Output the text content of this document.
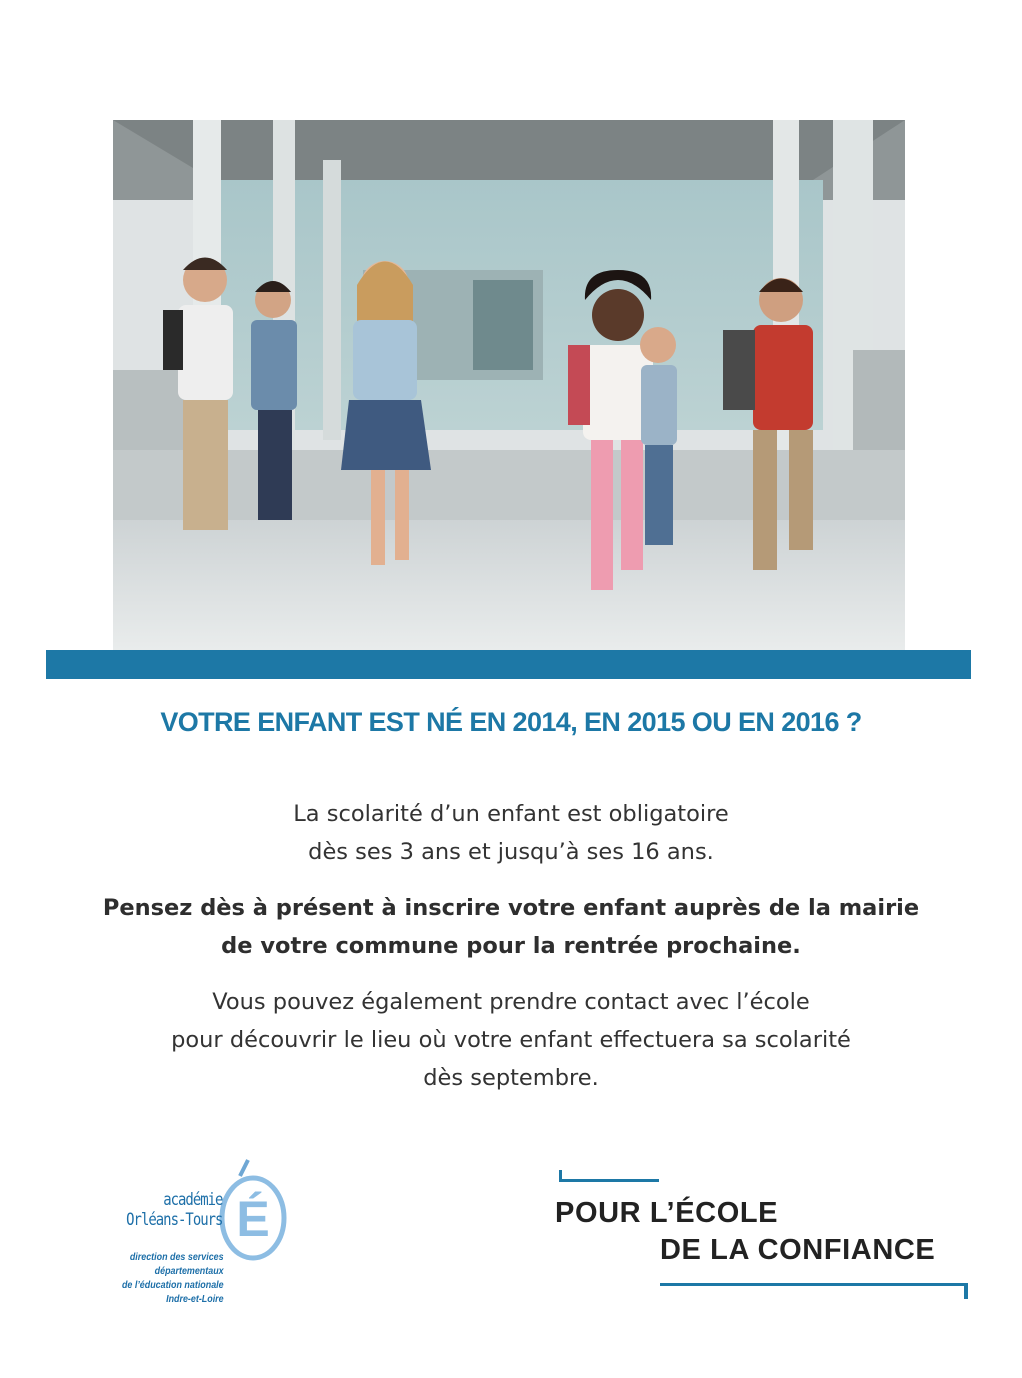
VOTRE ENFANT EST NÉ EN 2014, EN 2015 OU EN 2016 ?
La scolarité d’un enfant est obligatoire
dès ses 3 ans et jusqu’à ses 16 ans.
Pensez dès à présent à inscrire votre enfant auprès de la mairie
de votre commune pour la rentrée prochaine.
Vous pouvez également prendre contact avec l’école
pour découvrir le lieu où votre enfant effectuera sa scolarité
dès septembre.
É
académie
Orléans-Tours
direction des services
départementaux
de l’éducation nationale
Indre-et-Loire
POUR L’ÉCOLE
DE LA CONFIANCE
